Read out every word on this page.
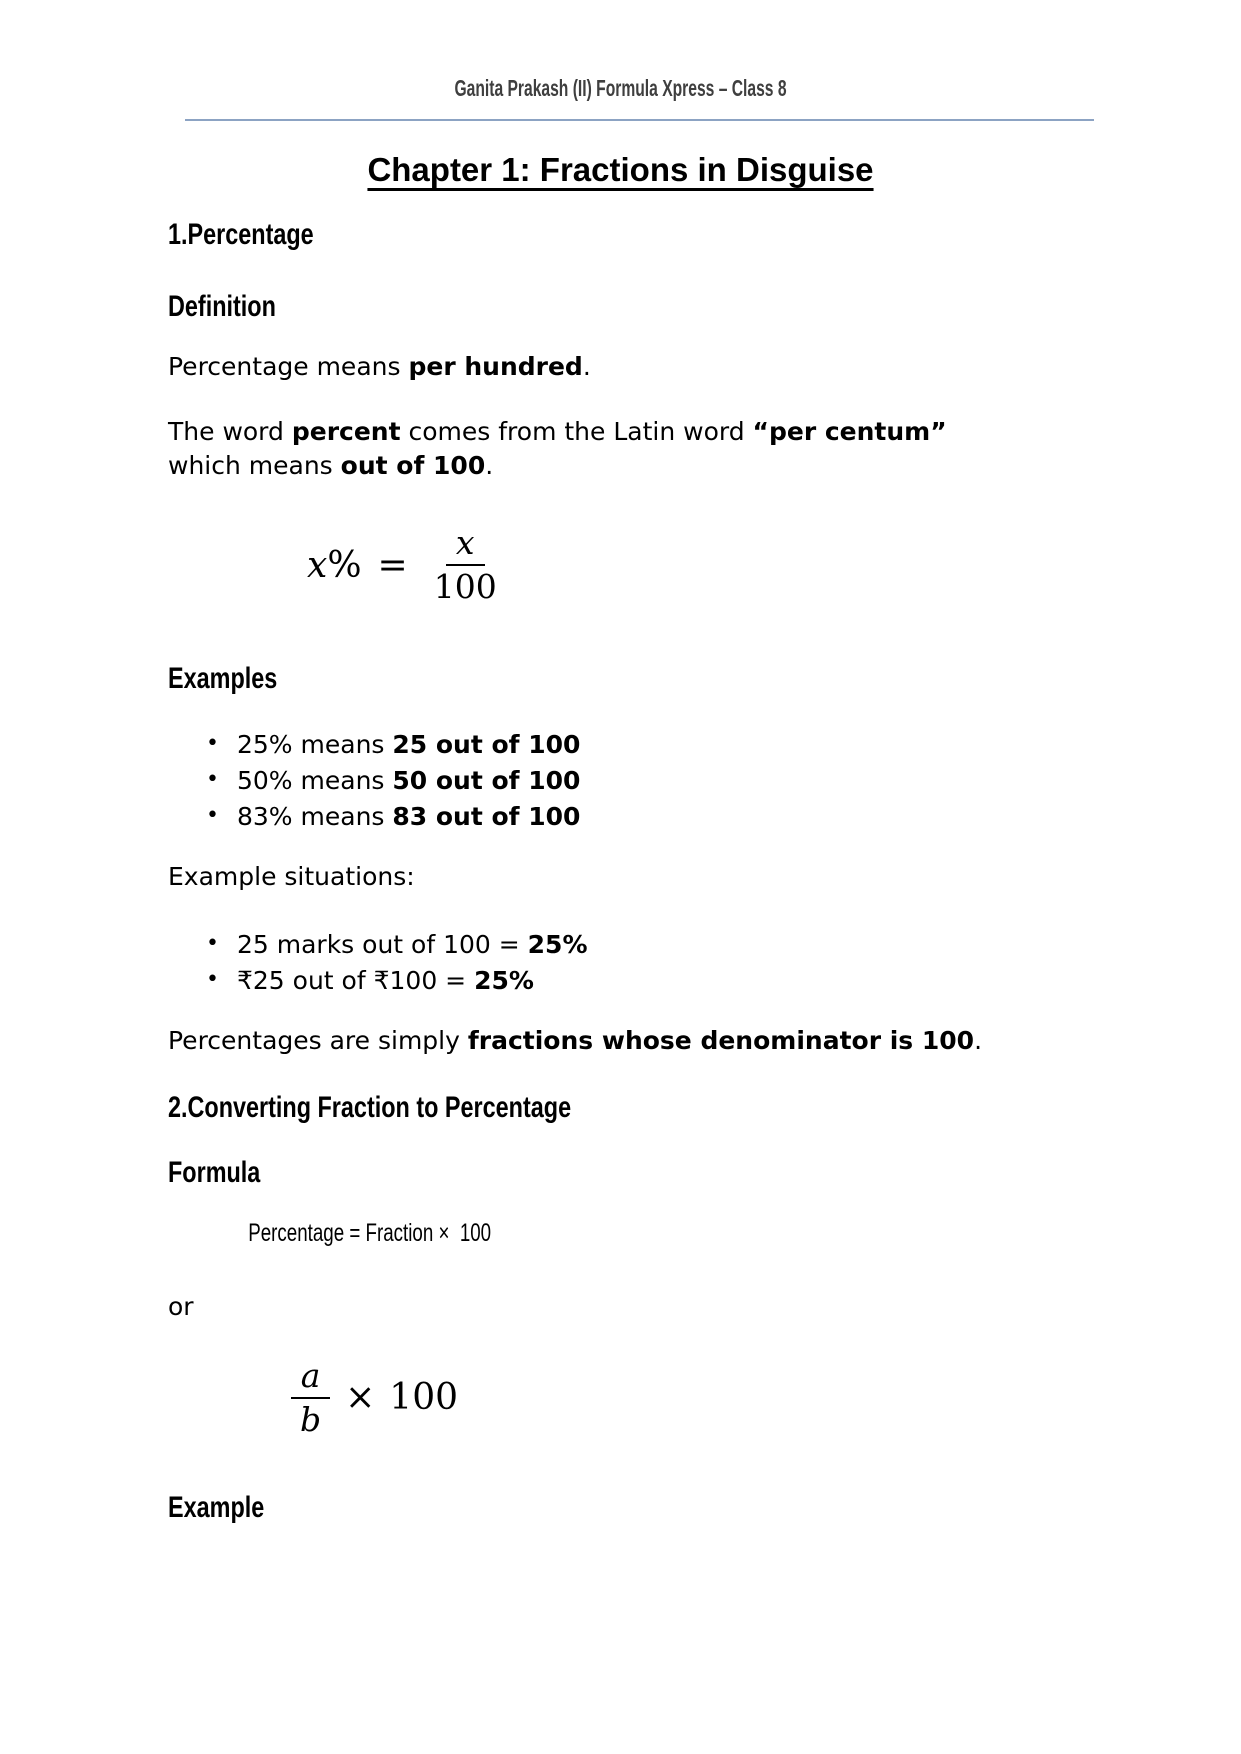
Ganita Prakash (II) Formula Xpress – Class 8
Chapter 1: Fractions in Disguise
1.Percentage
Definition

Percentage means per hundred.

The word percent comes from the Latin word “per centum” which means out of 100.

x % = $\frac{x}{100}$
Examples
• 25% means 25 out of 100
• 50% means 50 out of 100
• 83% means 83 out of 100

Example situations:

• 25 marks out of 100 = 25%
• ₹25 out of ₹100 = 25%

Percentages are simply fractions whose denominator is 100.

2.Converting Fraction to Percentage
Formula
Percentage = Fraction ×  100

or

$\frac{a}{b} \times 100$
Example
